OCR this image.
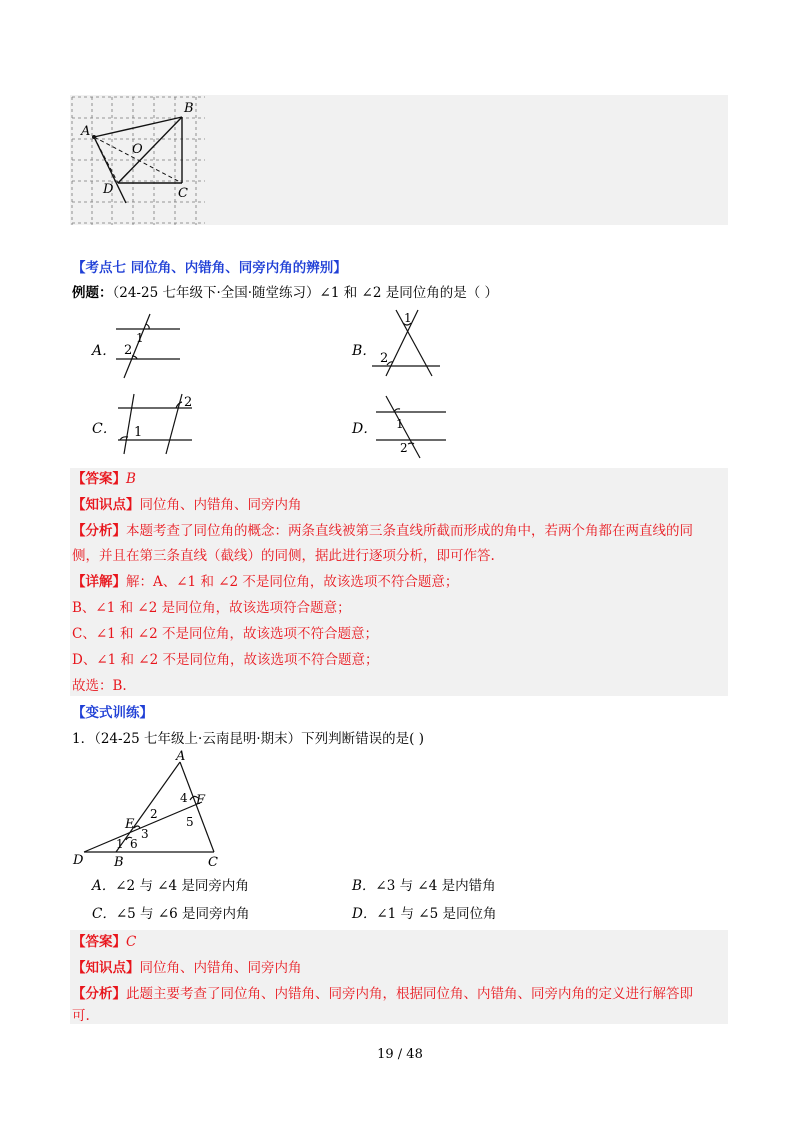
A
B
O
D	C
【考点七 同位角、内错角、同旁内角的辨别】
例题：（24-25 七年级下·全国·随堂练习）∠1 和 ∠2 是同位角的是（ ）
A．
1
2	B．
1
2
C．
2
1	D． 1
2
【答案】B
【知识点】同位角、内错角、同旁内角
【分析】本题考查了同位角的概念：两条直线被第三条直线所截而形成的角中，若两个角都在两直线的同
侧，并且在第三条直线（截线）的同侧，据此进行逐项分析，即可作答.
【详解】解：A、∠1 和 ∠2 不是同位角，故该选项不符合题意；
B、∠1 和 ∠2 是同位角，故该选项符合题意；
C、∠1 和 ∠2 不是同位角，故该选项不符合题意；
D、∠1 和 ∠2 不是同位角，故该选项不符合题意；
故选：B.
【变式训练】
1．（24-25 七年级上·云南昆明·期末）下列判断错误的是( )
A
4 F
5
2
E
3
1 6
D B	C
A．∠2 与 ∠4 是同旁内角	B．∠3 与 ∠4 是内错角
C．∠5 与 ∠6 是同旁内角	D．∠1 与 ∠5 是同位角
【答案】C
【知识点】同位角、内错角、同旁内角
【分析】此题主要考查了同位角、内错角、同旁内角，根据同位角、内错角、同旁内角的定义进行解答即
可.
19 / 48
